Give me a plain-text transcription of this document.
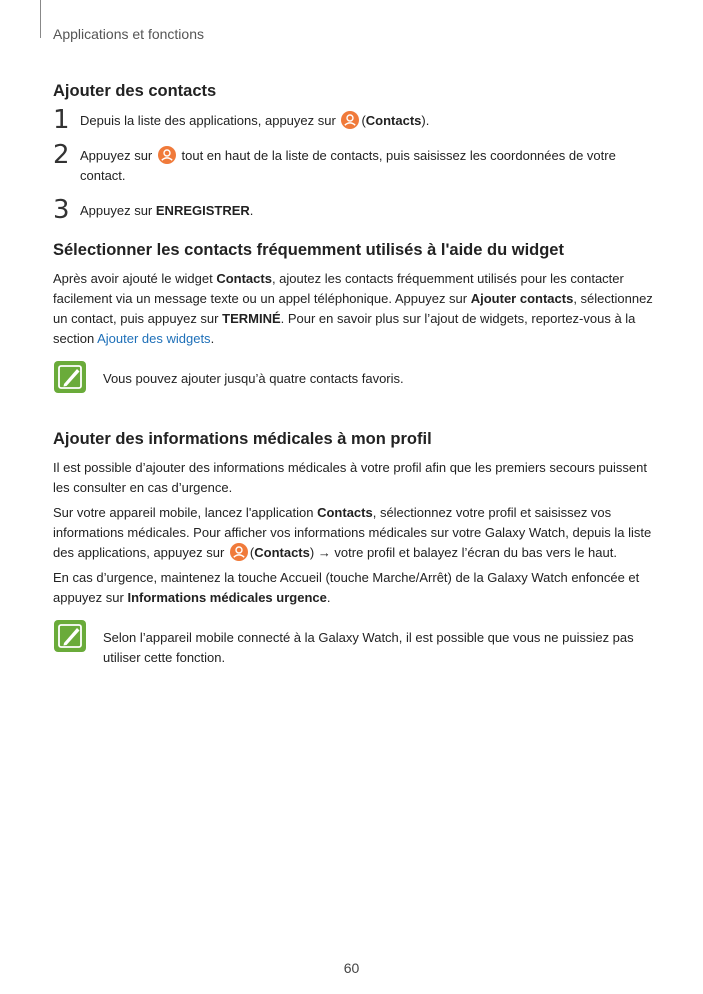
Applications et fonctions
Ajouter des contacts
1 Depuis la liste des applications, appuyez sur (Contacts).
2 Appuyez sur tout en haut de la liste de contacts, puis saisissez les coordonnées de votre contact.
3 Appuyez sur ENREGISTRER.
Sélectionner les contacts fréquemment utilisés à l'aide du widget

Après avoir ajouté le widget Contacts, ajoutez les contacts fréquemment utilisés pour les contacter facilement via un message texte ou un appel téléphonique. Appuyez sur Ajouter contacts, sélectionnez un contact, puis appuyez sur TERMINÉ. Pour en savoir plus sur l’ajout de widgets, reportez-vous à la section Ajouter des widgets.

Vous pouvez ajouter jusqu’à quatre contacts favoris.
Ajouter des informations médicales à mon profil

Il est possible d’ajouter des informations médicales à votre profil afin que les premiers secours puissent les consulter en cas d’urgence.

Sur votre appareil mobile, lancez l'application Contacts, sélectionnez votre profil et saisissez vos informations médicales. Pour afficher vos informations médicales sur votre Galaxy Watch, depuis la liste des applications, appuyez sur (Contacts) → votre profil et balayez l’écran du bas vers le haut.

En cas d’urgence, maintenez la touche Accueil (touche Marche/Arrêt) de la Galaxy Watch enfoncée et appuyez sur Informations médicales urgence.

Selon l’appareil mobile connecté à la Galaxy Watch, il est possible que vous ne puissiez pas utiliser cette fonction.
60
